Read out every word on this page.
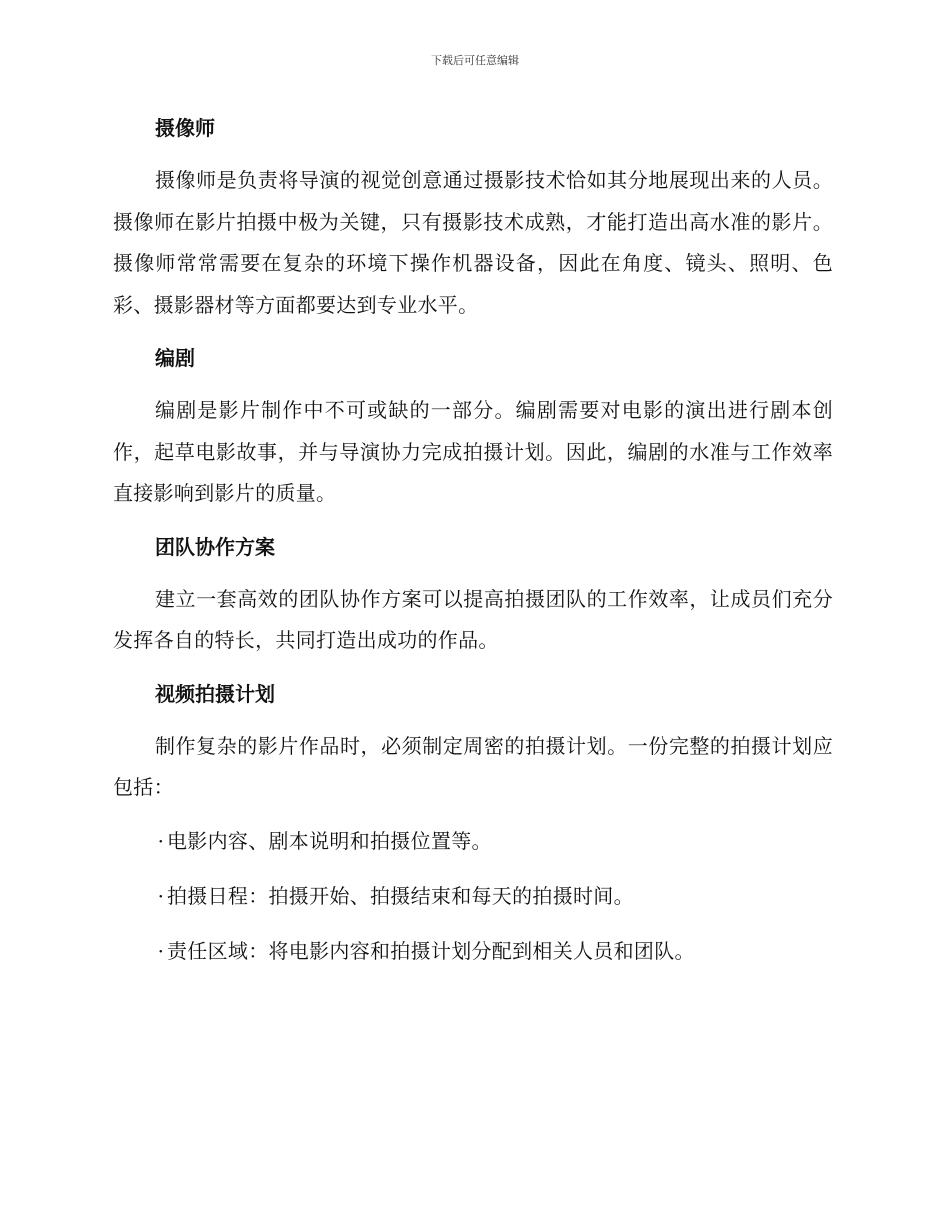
下载后可任意编辑
摄像师
摄像师是负责将导演的视觉创意通过摄影技术恰如其分地展现出来的人员。摄像师在影片拍摄中极为关键，只有摄影技术成熟，才能打造出高水准的影片。摄像师常常需要在复杂的环境下操作机器设备，因此在角度、镜头、照明、色彩、摄影器材等方面都要达到专业水平。
编剧
编剧是影片制作中不可或缺的一部分。编剧需要对电影的演出进行剧本创作，起草电影故事，并与导演协力完成拍摄计划。因此，编剧的水准与工作效率直接影响到影片的质量。
团队协作方案
建立一套高效的团队协作方案可以提高拍摄团队的工作效率，让成员们充分发挥各自的特长，共同打造出成功的作品。
视频拍摄计划
制作复杂的影片作品时，必须制定周密的拍摄计划。一份完整的拍摄计划应包括：
· 电影内容、剧本说明和拍摄位置等。
· 拍摄日程：拍摄开始、拍摄结束和每天的拍摄时间。
· 责任区域：将电影内容和拍摄计划分配到相关人员和团队。
